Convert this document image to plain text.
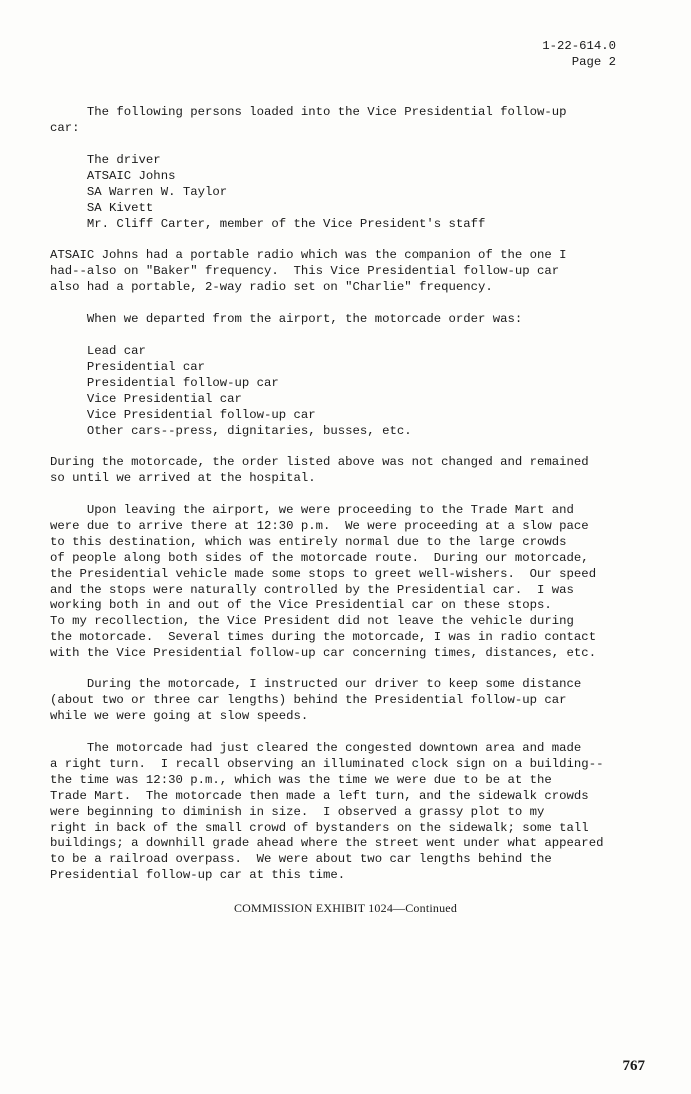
1-22-614.0
Page 2
The following persons loaded into the Vice Presidential follow-up
car:
The driver
ATSAIC Johns
SA Warren W. Taylor
SA Kivett
Mr. Cliff Carter, member of the Vice President's staff
ATSAIC Johns had a portable radio which was the companion of the one I
had--also on "Baker" frequency.  This Vice Presidential follow-up car
also had a portable, 2-way radio set on "Charlie" frequency.
When we departed from the airport, the motorcade order was:
Lead car
Presidential car
Presidential follow-up car
Vice Presidential car
Vice Presidential follow-up car
Other cars--press, dignitaries, busses, etc.
During the motorcade, the order listed above was not changed and remained
so until we arrived at the hospital.
Upon leaving the airport, we were proceeding to the Trade Mart and
were due to arrive there at 12:30 p.m.  We were proceeding at a slow pace
to this destination, which was entirely normal due to the large crowds
of people along both sides of the motorcade route.  During our motorcade,
the Presidential vehicle made some stops to greet well-wishers.  Our speed
and the stops were naturally controlled by the Presidential car.  I was
working both in and out of the Vice Presidential car on these stops.
To my recollection, the Vice President did not leave the vehicle during
the motorcade.  Several times during the motorcade, I was in radio contact
with the Vice Presidential follow-up car concerning times, distances, etc.
During the motorcade, I instructed our driver to keep some distance
(about two or three car lengths) behind the Presidential follow-up car
while we were going at slow speeds.
The motorcade had just cleared the congested downtown area and made
a right turn.  I recall observing an illuminated clock sign on a building--
the time was 12:30 p.m., which was the time we were due to be at the
Trade Mart.  The motorcade then made a left turn, and the sidewalk crowds
were beginning to diminish in size.  I observed a grassy plot to my
right in back of the small crowd of bystanders on the sidewalk; some tall
buildings; a downhill grade ahead where the street went under what appeared
to be a railroad overpass.  We were about two car lengths behind the
Presidential follow-up car at this time.
COMMISSION EXHIBIT 1024—Continued
767
